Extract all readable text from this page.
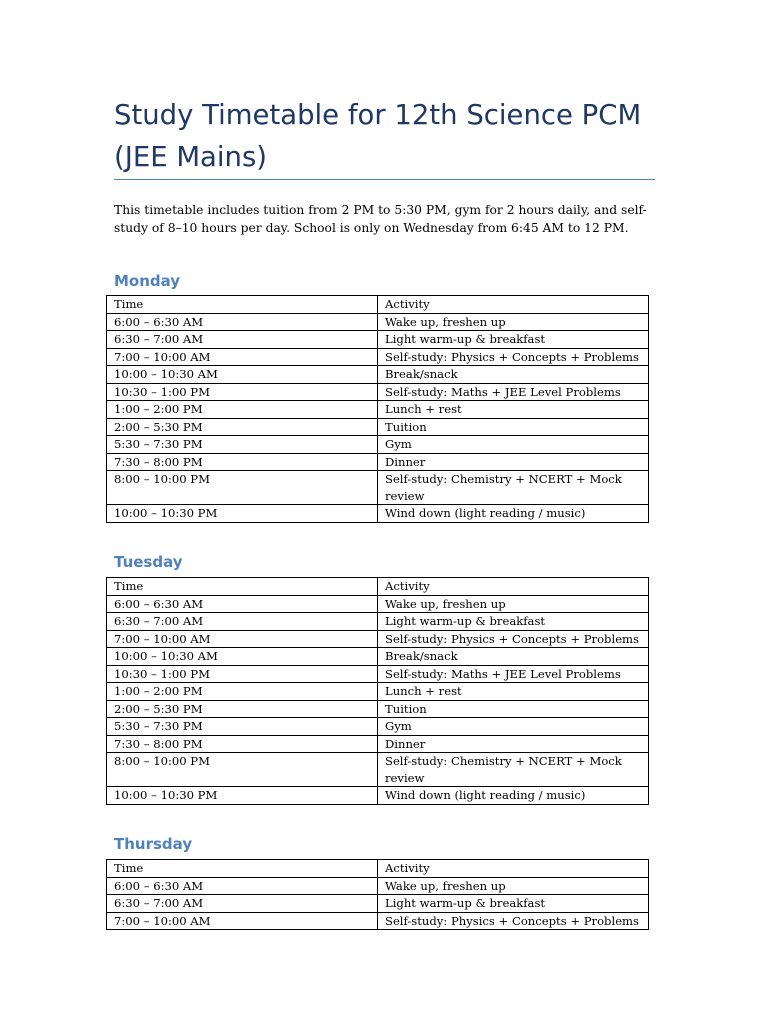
Study Timetable for 12th Science PCM (JEE Mains)

This timetable includes tuition from 2 PM to 5:30 PM, gym for 2 hours daily, and self-study of 8–10 hours per day. School is only on Wednesday from 6:45 AM to 12 PM.

Monday
Time	Activity
6:00 – 6:30 AM	Wake up, freshen up
6:30 – 7:00 AM	Light warm-up & breakfast
7:00 – 10:00 AM	Self-study: Physics + Concepts + Problems
10:00 – 10:30 AM	Break/snack
10:30 – 1:00 PM	Self-study: Maths + JEE Level Problems
1:00 – 2:00 PM	Lunch + rest
2:00 – 5:30 PM	Tuition
5:30 – 7:30 PM	Gym
7:30 – 8:00 PM	Dinner
8:00 – 10:00 PM	Self-study: Chemistry + NCERT + Mock review
10:00 – 10:30 PM	Wind down (light reading / music)
Tuesday
Time	Activity
6:00 – 6:30 AM	Wake up, freshen up
6:30 – 7:00 AM	Light warm-up & breakfast
7:00 – 10:00 AM	Self-study: Physics + Concepts + Problems
10:00 – 10:30 AM	Break/snack
10:30 – 1:00 PM	Self-study: Maths + JEE Level Problems
1:00 – 2:00 PM	Lunch + rest
2:00 – 5:30 PM	Tuition
5:30 – 7:30 PM	Gym
7:30 – 8:00 PM	Dinner
8:00 – 10:00 PM	Self-study: Chemistry + NCERT + Mock review
10:00 – 10:30 PM	Wind down (light reading / music)
Thursday
Time	Activity
6:00 – 6:30 AM	Wake up, freshen up
6:30 – 7:00 AM	Light warm-up & breakfast
7:00 – 10:00 AM	Self-study: Physics + Concepts + Problems
